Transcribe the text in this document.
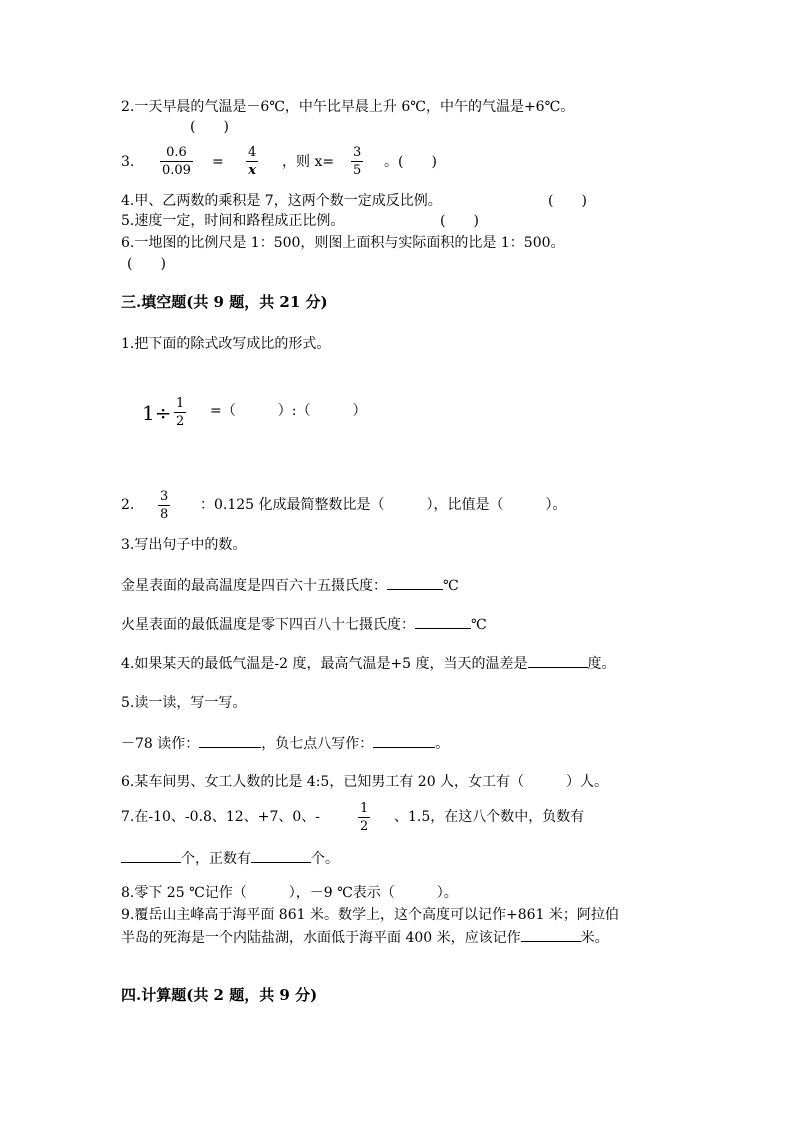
2.一天早晨的气温是－6℃，中午比早晨上升 6℃，中午的气温是+6℃。
(　　)
3.
0.6
0.09
=
4
x
，则 x=
3
5
。(　　)
4.甲、乙两数的乘积是 7，这两个数一定成反比例。	(　　)
5.速度一定，时间和路程成正比例。	(　　)
6.一地图的比例尺是 1：500，则图上面积与实际面积的比是 1：500。
(　　)
三.填空题(共 9 题，共 21 分)
1.把下面的除式改写成比的形式。
1÷ 1
2
=（　　　）:（　　　）
2.
3
8
：0.125 化成最简整数比是（　　　），比值是（　　　）。
3.写出句子中的数。
金星表面的最高温度是四百六十五摄氏度：	℃
火星表面的最低温度是零下四百八十七摄氏度：	℃
4.如果某天的最低气温是-2 度，最高气温是+5 度，当天的温差是	度。
5.读一读，写一写。
－78 读作：	，负七点八写作：	。
6.某车间男、女工人数的比是 4:5，已知男工有 20 人，女工有（　　　）人。
7.在-10、-0.8、12、+7、0、-
1
2
、1.5，在这八个数中，负数有
个，正数有	个。
8.零下 25 ℃记作（　　　），－9 ℃表示（　　　）。
9.覆岳山主峰高于海平面 861 米。数学上，这个高度可以记作+861 米；阿拉伯
半岛的死海是一个内陆盐湖，水面低于海平面 400 米，应该记作	米。
四.计算题(共 2 题，共 9 分)
